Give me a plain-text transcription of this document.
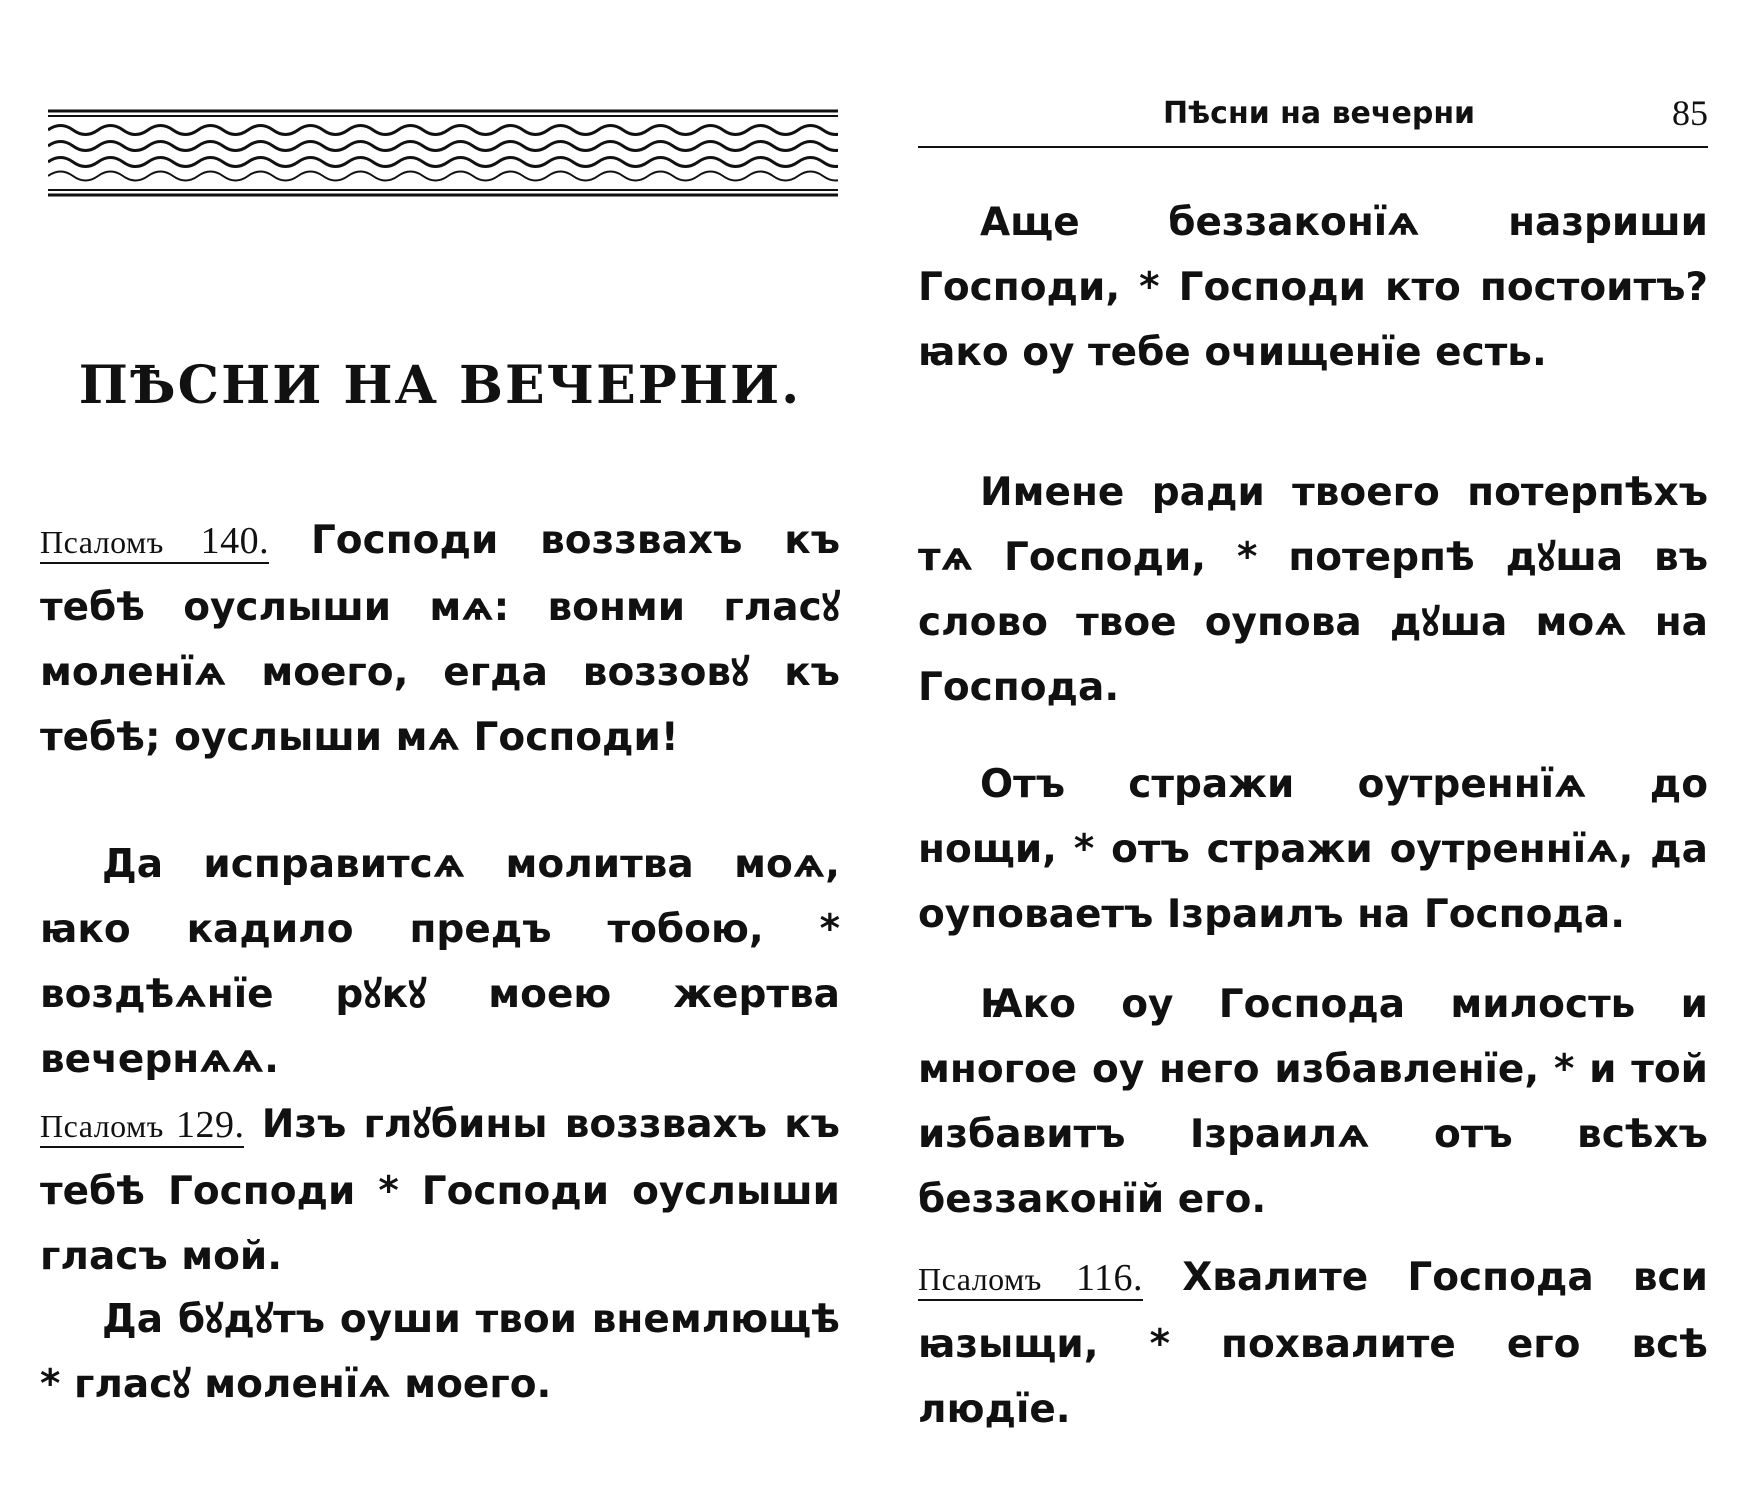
ПѢСНИ НА ВЕЧЕРНИ.

Псаломъ 140. Господи воззвахъ къ тебѣ оуслыши мѧ: вонми гласꙋ моленїѧ моего, егда воззовꙋ къ тебѣ; оуслыши мѧ Господи!

Да исправитсѧ молитва моѧ, ꙗко кадило предъ тобою, * воздѣѧнїе рꙋкꙋ моею жертва вечернѧѧ.

Псаломъ 129. Изъ глꙋбины воззвахъ къ тебѣ Господи * Господи оуслыши гласъ мой.

Да бꙋдꙋтъ оуши твои внемлющѣ * гласꙋ моленїѧ моего.

Пѣсни на вечерни	85

Аще беззаконїѧ назриши Господи, * Господи кто постоитъ? ꙗко оу тебе очищенїе есть.

Имене ради твоего потерпѣхъ тѧ Господи, * потерпѣ дꙋша въ слово твое оупова дꙋша моѧ на Господа.

Отъ стражи оутреннїѧ до нощи, * отъ стражи оутреннїѧ, да оуповаетъ Ізраилъ на Господа.

Ꙗко оу Господа милость и многое оу него избавленїе, * и той избавитъ Ізраилѧ отъ всѣхъ беззаконїй его.

Псаломъ 116. Хвалите Господа вси ꙗзыщи, * похвалите его всѣ людїе.
